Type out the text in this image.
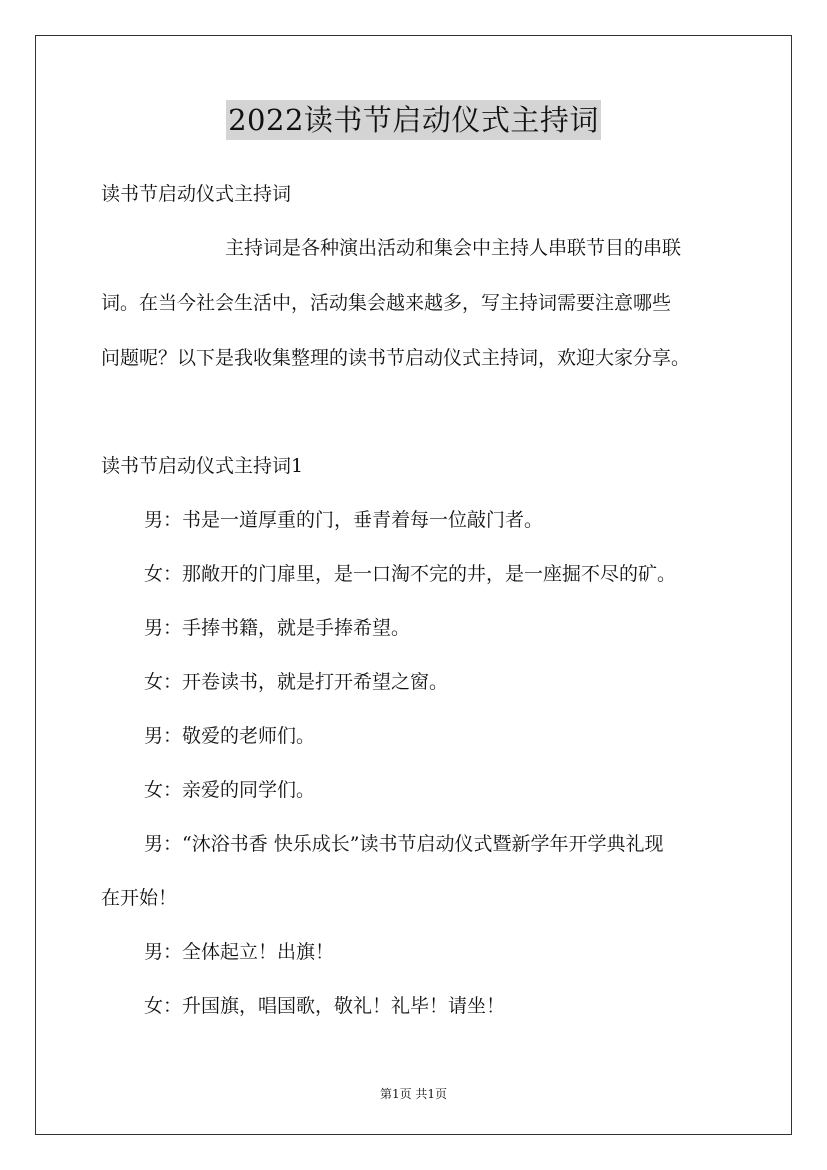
2022读书节启动仪式主持词
读书节启动仪式主持词
主持词是各种演出活动和集会中主持人串联节目的串联
词。在当今社会生活中，活动集会越来越多，写主持词需要注意哪些
问题呢？以下是我收集整理的读书节启动仪式主持词，欢迎大家分享。
读书节启动仪式主持词1
男：书是一道厚重的门，垂青着每一位敲门者。
女：那敞开的门扉里，是一口淘不完的井，是一座掘不尽的矿。
男：手捧书籍，就是手捧希望。
女：开卷读书，就是打开希望之窗。
男：敬爱的老师们。
女：亲爱的同学们。
男：“沐浴书香 快乐成长”读书节启动仪式暨新学年开学典礼现
在开始！
男：全体起立！出旗！
女：升国旗，唱国歌，敬礼！礼毕！请坐！
第1页 共1页
